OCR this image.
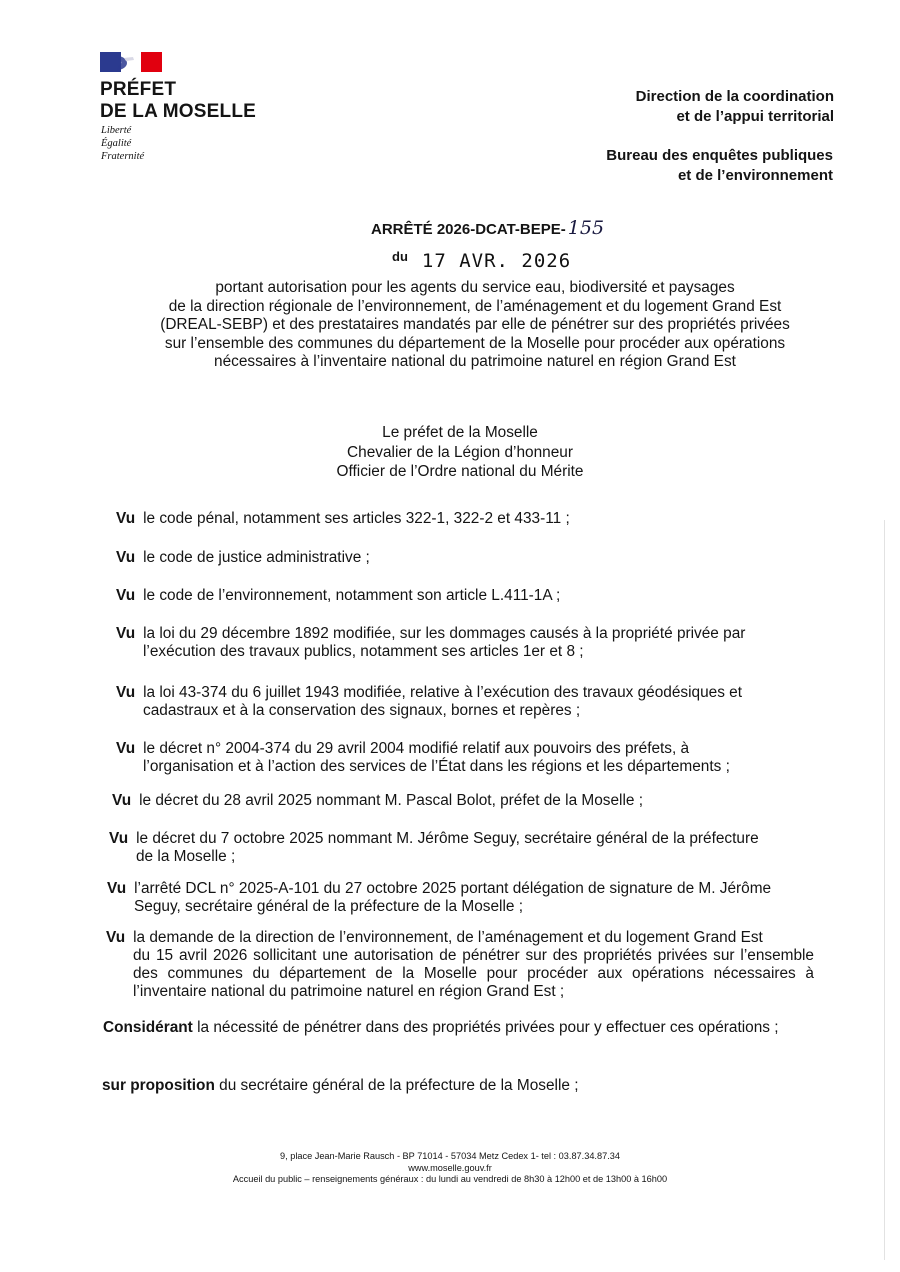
PRÉFET
DE LA MOSELLE
Liberté
Égalité
Fraternité
Direction de la coordination
et de l’appui territorial
Bureau des enquêtes publiques
et de l’environnement
ARRÊTÉ 2026-DCAT-BEPE- 155
$^{du}$ 17 AVR. 2026
portant autorisation pour les agents du service eau, biodiversité et paysages
de la direction régionale de l’environnement, de l’aménagement et du logement Grand Est
(DREAL-SEBP) et des prestataires mandatés par elle de pénétrer sur des propriétés privées
sur l’ensemble des communes du département de la Moselle pour procéder aux opérations
nécessaires à l’inventaire national du patrimoine naturel en région Grand Est
Le préfet de la Moselle
Chevalier de la Légion d’honneur
Officier de l’Ordre national du Mérite
Vu le code pénal, notamment ses articles 322-1, 322-2 et 433-11 ;
Vu le code de justice administrative ;
Vu le code de l’environnement, notamment son article L.411-1A ;
Vu la loi du 29 décembre 1892 modifiée, sur les dommages causés à la propriété privée par
l’exécution des travaux publics, notamment ses articles 1er et 8 ;
Vu la loi 43-374 du 6 juillet 1943 modifiée, relative à l’exécution des travaux géodésiques et
cadastraux et à la conservation des signaux, bornes et repères ;
Vu le décret n° 2004-374 du 29 avril 2004 modifié relatif aux pouvoirs des préfets, à
l’organisation et à l’action des services de l’État dans les régions et les départements ;
Vu le décret du 28 avril 2025 nommant M. Pascal Bolot, préfet de la Moselle ;
Vu le décret du 7 octobre 2025 nommant M. Jérôme Seguy, secrétaire général de la préfecture
de la Moselle ;
Vu l’arrêté DCL n° 2025-A-101 du 27 octobre 2025 portant délégation de signature de M. Jérôme
Seguy, secrétaire général de la préfecture de la Moselle ;
Vu la demande de la direction de l’environnement, de l’aménagement et du logement Grand Est
du 15 avril 2026 sollicitant une autorisation de pénétrer sur des propriétés privées sur l’ensemble des communes du département de la Moselle pour procéder aux opérations nécessaires à l’inventaire national du patrimoine naturel en région Grand Est ;
Considérant la nécessité de pénétrer dans des propriétés privées pour y effectuer ces opérations ;
sur proposition du secrétaire général de la préfecture de la Moselle ;
9, place Jean-Marie Rausch - BP 71014 - 57034 Metz Cedex 1- tel : 03.87.34.87.34
www.moselle.gouv.fr
Accueil du public – renseignements généraux : du lundi au vendredi de 8h30 à 12h00 et de 13h00 à 16h00
